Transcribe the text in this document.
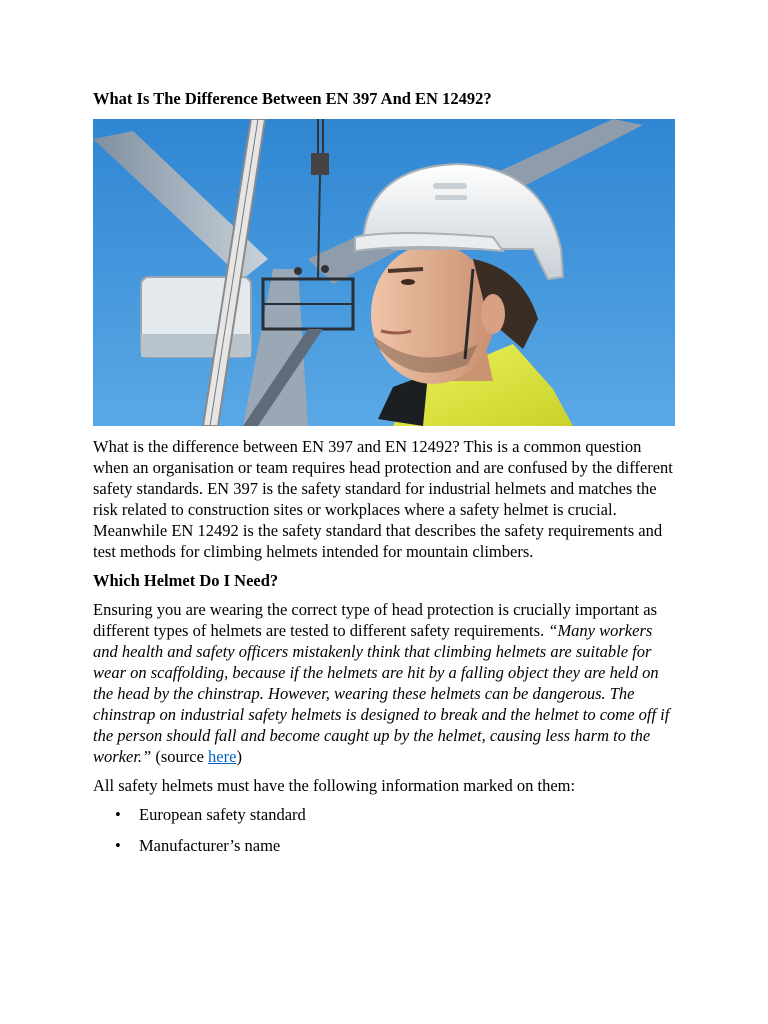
What Is The Difference Between EN 397 And EN 12492?

What is the difference between EN 397 and EN 12492? This is a common question when an organisation or team requires head protection and are confused by the different safety standards. EN 397 is the safety standard for industrial helmets and matches the risk related to construction sites or workplaces where a safety helmet is crucial. Meanwhile EN 12492 is the safety standard that describes the safety requirements and test methods for climbing helmets intended for mountain climbers.

Which Helmet Do I Need?

Ensuring you are wearing the correct type of head protection is crucially important as different types of helmets are tested to different safety requirements. “Many workers and health and safety officers mistakenly think that climbing helmets are suitable for wear on scaffolding, because if the helmets are hit by a falling object they are held on the head by the chinstrap. However, wearing these helmets can be dangerous. The chinstrap on industrial safety helmets is designed to break and the helmet to come off if the person should fall and become caught up by the helmet, causing less harm to the worker.” (source here)

All safety helmets must have the following information marked on them:

• European safety standard
• Manufacturer’s name
